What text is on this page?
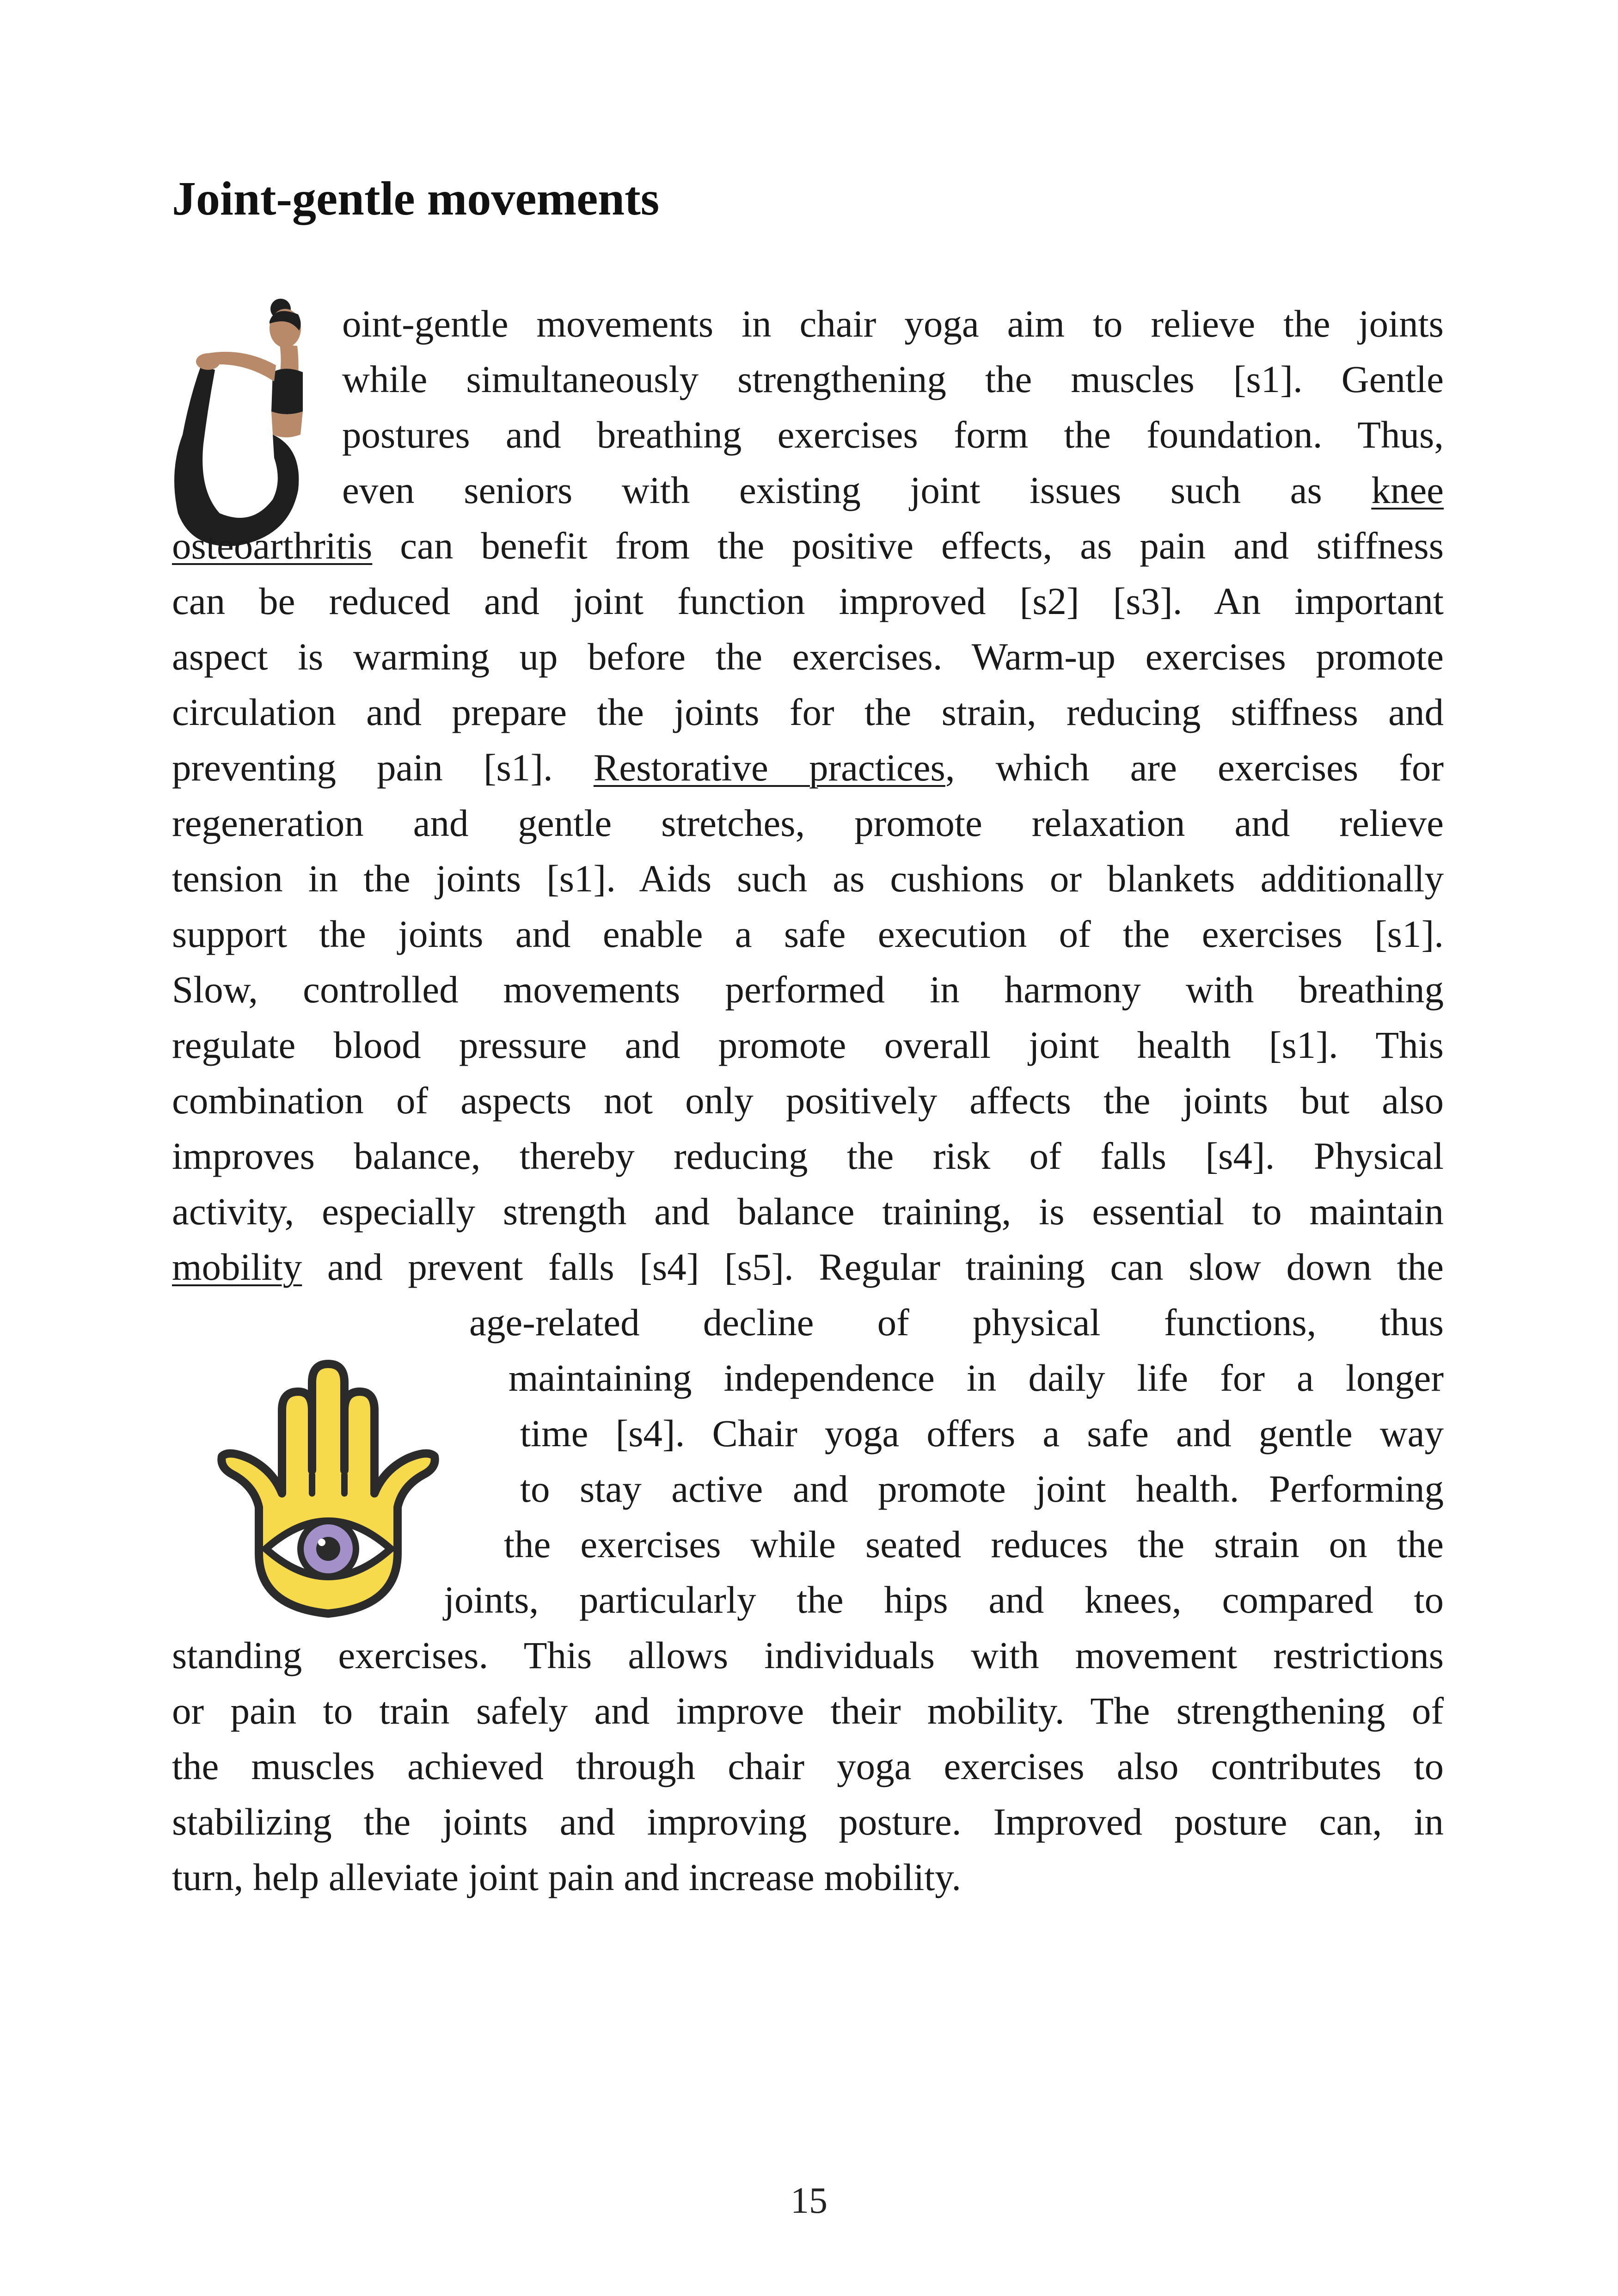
Joint-gentle movements
oint-gentle movements in chair yoga aim to relieve the joints
while simultaneously strengthening the muscles [s1]. Gentle
postures and breathing exercises form the foundation. Thus,
even seniors with existing joint issues such as knee
osteoarthritis can benefit from the positive effects, as pain and stiffness
can be reduced and joint function improved [s2] [s3]. An important
aspect is warming up before the exercises. Warm-up exercises promote
circulation and prepare the joints for the strain, reducing stiffness and
preventing pain [s1]. Restorative practices, which are exercises for
regeneration and gentle stretches, promote relaxation and relieve
tension in the joints [s1]. Aids such as cushions or blankets additionally
support the joints and enable a safe execution of the exercises [s1].
Slow, controlled movements performed in harmony with breathing
regulate blood pressure and promote overall joint health [s1]. This
combination of aspects not only positively affects the joints but also
improves balance, thereby reducing the risk of falls [s4]. Physical
activity, especially strength and balance training, is essential to maintain
mobility and prevent falls [s4] [s5]. Regular training can slow down the
age-related decline of physical functions, thus
maintaining independence in daily life for a longer
time [s4]. Chair yoga offers a safe and gentle way
to stay active and promote joint health. Performing
the exercises while seated reduces the strain on the
joints, particularly the hips and knees, compared to
standing exercises. This allows individuals with movement restrictions
or pain to train safely and improve their mobility. The strengthening of
the muscles achieved through chair yoga exercises also contributes to
stabilizing the joints and improving posture. Improved posture can, in
turn, help alleviate joint pain and increase mobility.
15
